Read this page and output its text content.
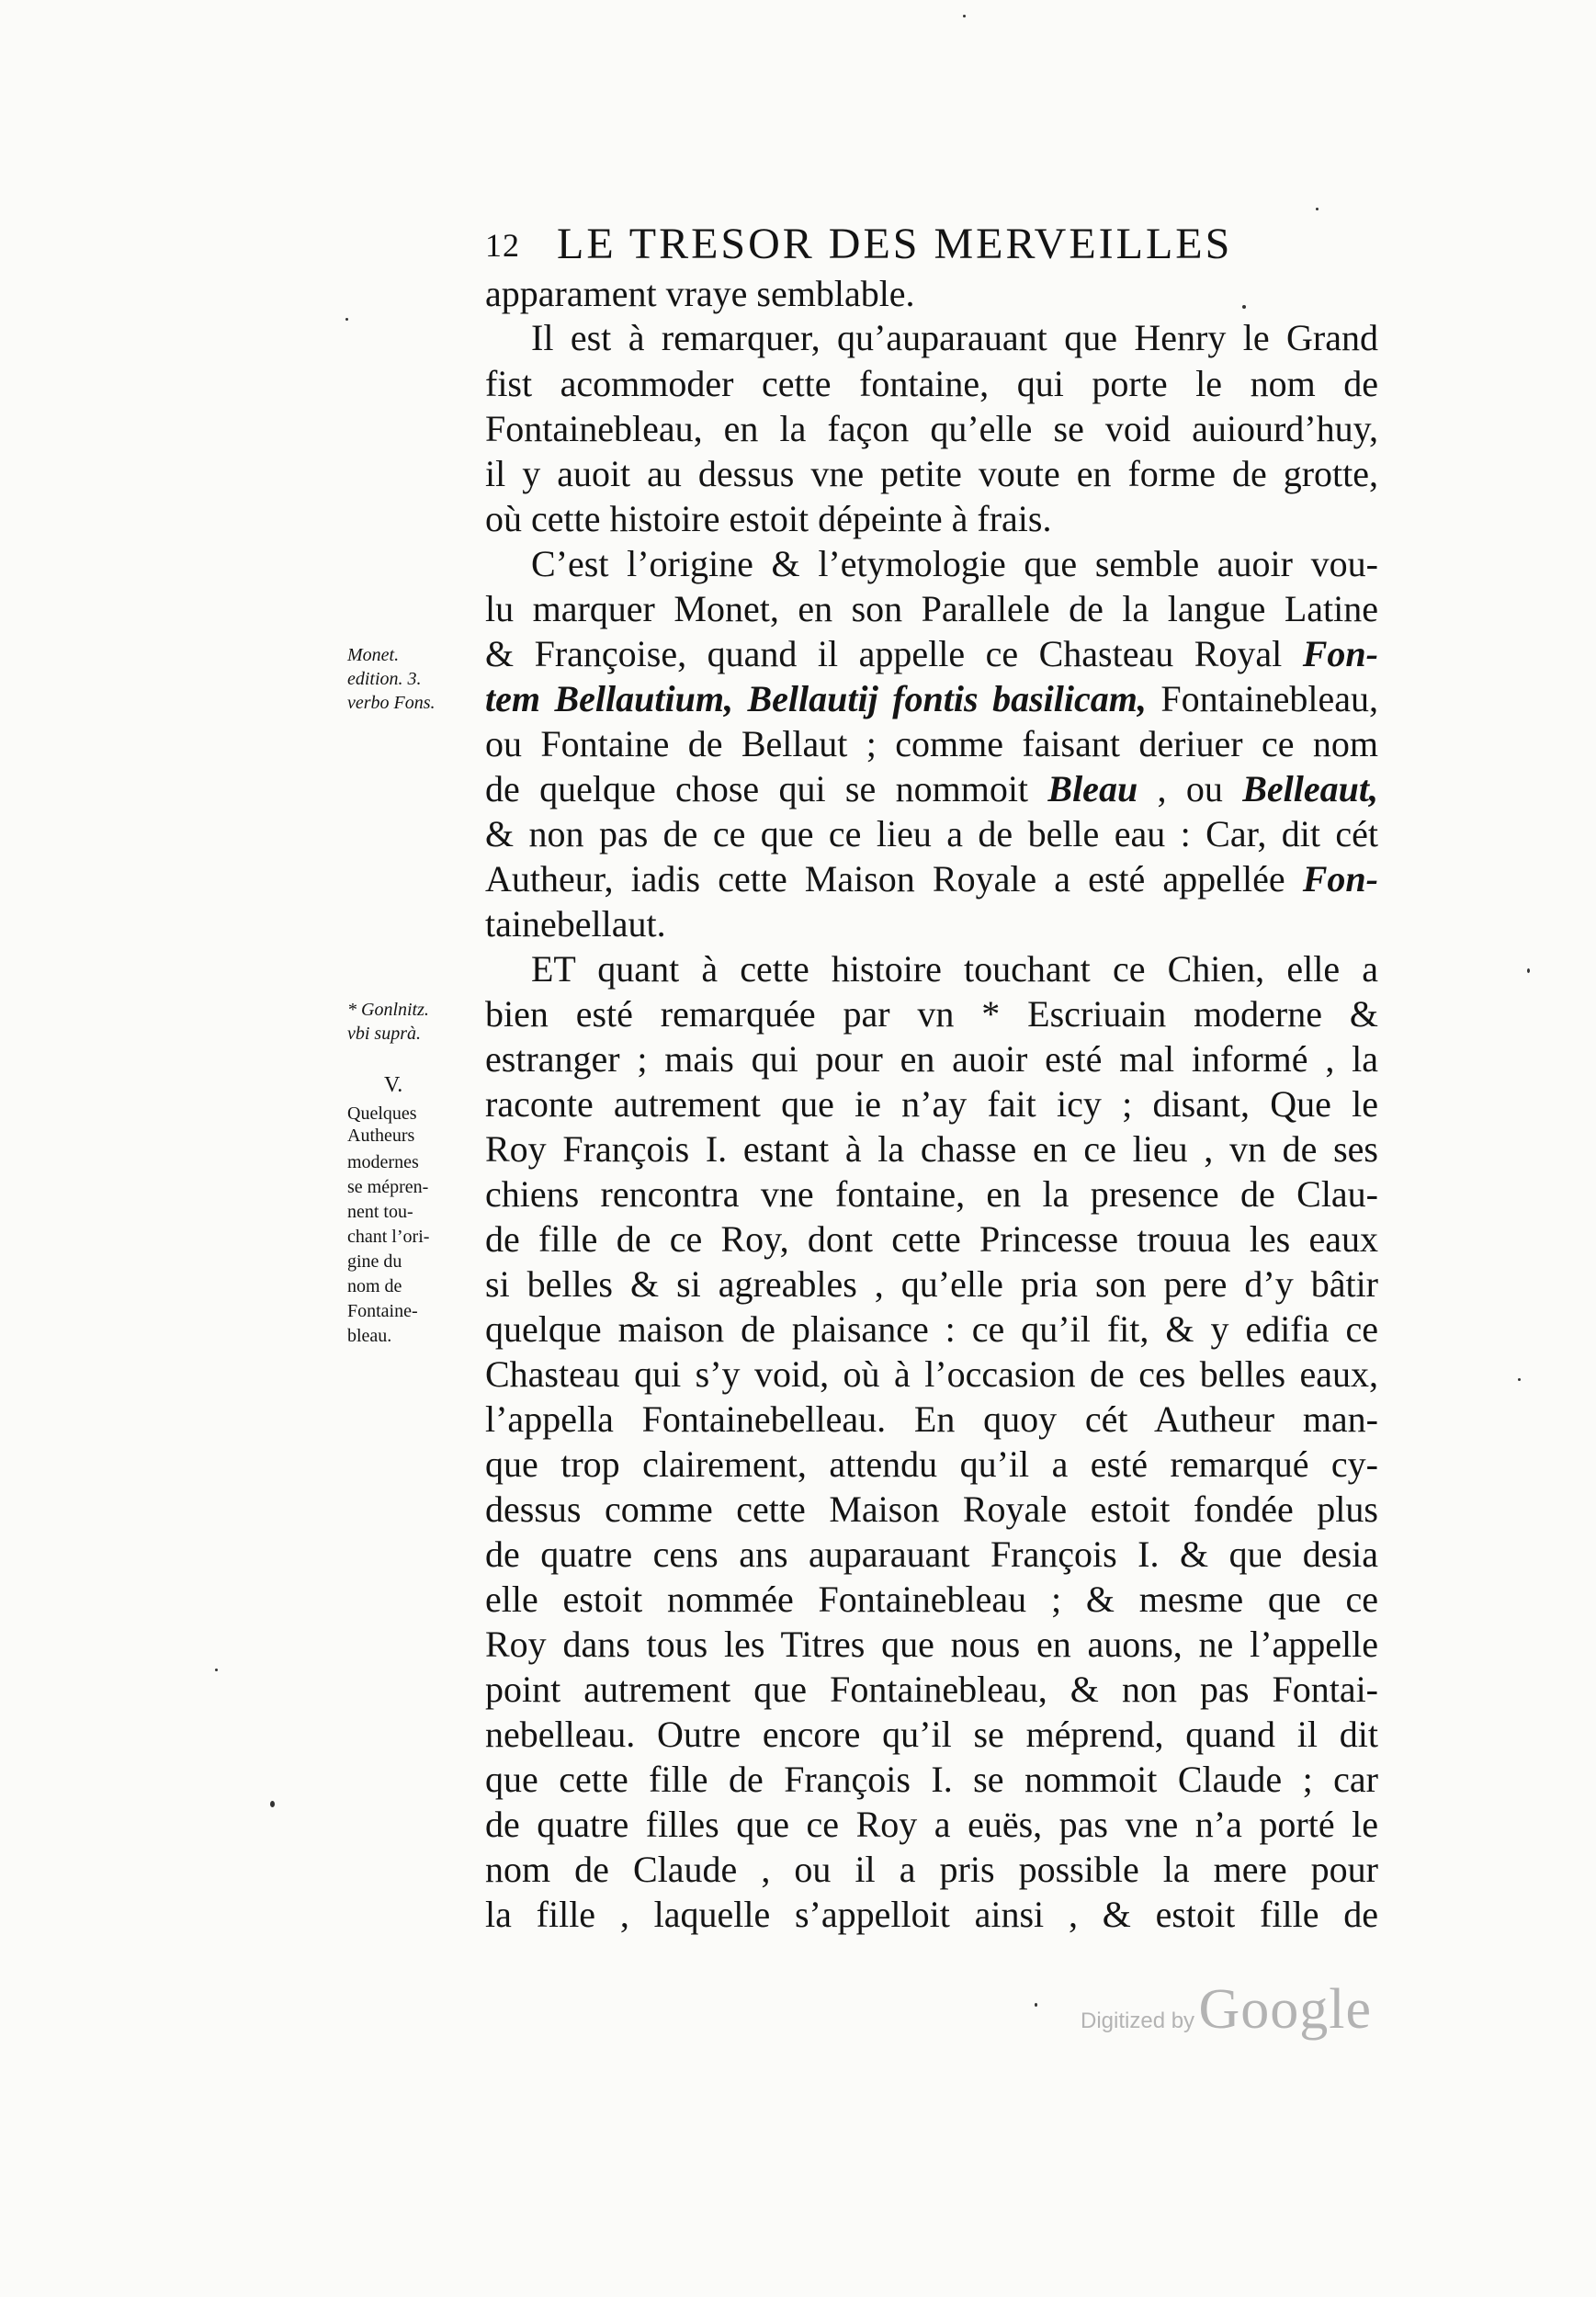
12 LE TRESOR DES MERVEILLES
apparament vraye semblable.
Il est à remarquer, qu’auparauant que Henry le Grand
fist acommoder cette fontaine, qui porte le nom de
Fontainebleau, en la façon qu’elle se void auiourd’huy,
il y auoit au dessus vne petite voute en forme de grotte,
où cette histoire estoit dépeinte à frais.
C’est l’origine & l’etymologie que semble auoir vou-
lu marquer Monet, en son Parallele de la langue Latine
& Françoise, quand il appelle ce Chasteau Royal Fon-
tem Bellautium, Bellautij fontis basilicam, Fontainebleau,
ou Fontaine de Bellaut ; comme faisant deriuer ce nom
de quelque chose qui se nommoit Bleau , ou Belleaut,
& non pas de ce que ce lieu a de belle eau : Car, dit cét
Autheur, iadis cette Maison Royale a esté appellée Fon-
tainebellaut.
ET quant à cette histoire touchant ce Chien, elle a
bien esté remarquée par vn * Escriuain moderne &
estranger ; mais qui pour en auoir esté mal informé , la
raconte autrement que ie n’ay fait icy ; disant, Que le
Roy François I. estant à la chasse en ce lieu , vn de ses
chiens rencontra vne fontaine, en la presence de Clau-
de fille de ce Roy, dont cette Princesse trouua les eaux
si belles & si agreables , qu’elle pria son pere d’y bâtir
quelque maison de plaisance : ce qu’il fit, & y edifia ce
Chasteau qui s’y void, où à l’occasion de ces belles eaux,
l’appella Fontainebelleau. En quoy cét Autheur man-
que trop clairement, attendu qu’il a esté remarqué cy-
dessus comme cette Maison Royale estoit fondée plus
de quatre cens ans auparauant François I. & que desia
elle estoit nommée Fontainebleau ; & mesme que ce
Roy dans tous les Titres que nous en auons, ne l’appelle
point autrement que Fontainebleau, & non pas Fontai-
nebelleau. Outre encore qu’il se méprend, quand il dit
que cette fille de François I. se nommoit Claude ; car
de quatre filles que ce Roy a euës, pas vne n’a porté le
nom de Claude , ou il a pris possible la mere pour
la fille , laquelle s’appelloit ainsi , & estoit fille de
Monet.
edition. 3.
verbo Fons.
* Gonlnitz.
vbi suprà.
V.
Quelques
Autheurs
modernes
se mépren-
nent tou-
chant l’ori-
gine du
nom de
Fontaine-
bleau.
Digitized by Google
